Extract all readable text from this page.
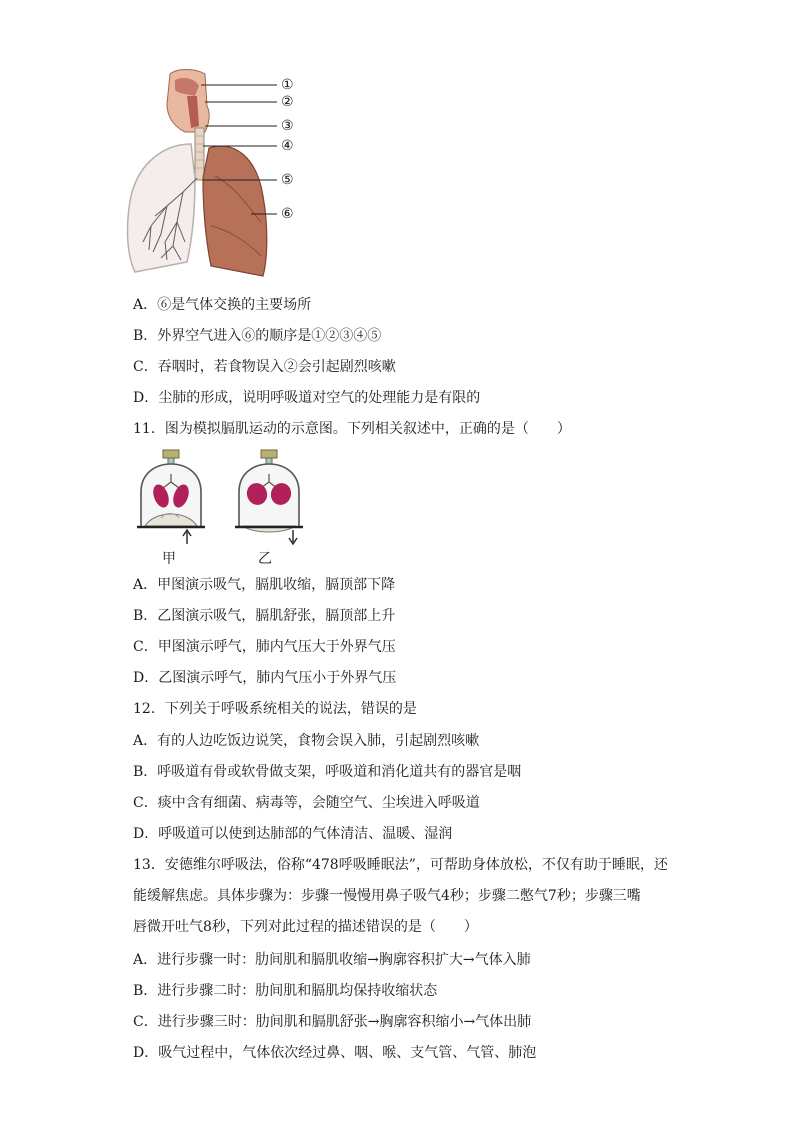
①
②
③
④
⑤
⑥
A．⑥是气体交换的主要场所
B．外界空气进入⑥的顺序是①②③④⑤
C．吞咽时，若食物误入②会引起剧烈咳嗽
D．尘肺的形成，说明呼吸道对空气的处理能力是有限的
11．图为模拟膈肌运动的示意图。下列相关叙述中，正确的是（　　）
甲	乙
A．甲图演示吸气，膈肌收缩，膈顶部下降
B．乙图演示吸气，膈肌舒张，膈顶部上升
C．甲图演示呼气，肺内气压大于外界气压
D．乙图演示呼气，肺内气压小于外界气压
12．下列关于呼吸系统相关的说法，错误的是
A．有的人边吃饭边说笑，食物会误入肺，引起剧烈咳嗽
B．呼吸道有骨或软骨做支架，呼吸道和消化道共有的器官是咽
C．痰中含有细菌、病毒等，会随空气、尘埃进入呼吸道
D．呼吸道可以使到达肺部的气体清洁、温暖、湿润
13．安德维尔呼吸法，俗称“478呼吸睡眠法”，可帮助身体放松，不仅有助于睡眠，还
能缓解焦虑。具体步骤为：步骤一慢慢用鼻子吸气4秒；步骤二憋气7秒；步骤三嘴
唇微开吐气8秒，下列对此过程的描述错误的是（　　）
A．进行步骤一时：肋间肌和膈肌收缩→胸廓容积扩大→气体入肺
B．进行步骤二时：肋间肌和膈肌均保持收缩状态
C．进行步骤三时：肋间肌和膈肌舒张→胸廓容积缩小→气体出肺
D．吸气过程中，气体依次经过鼻、咽、喉、支气管、气管、肺泡
